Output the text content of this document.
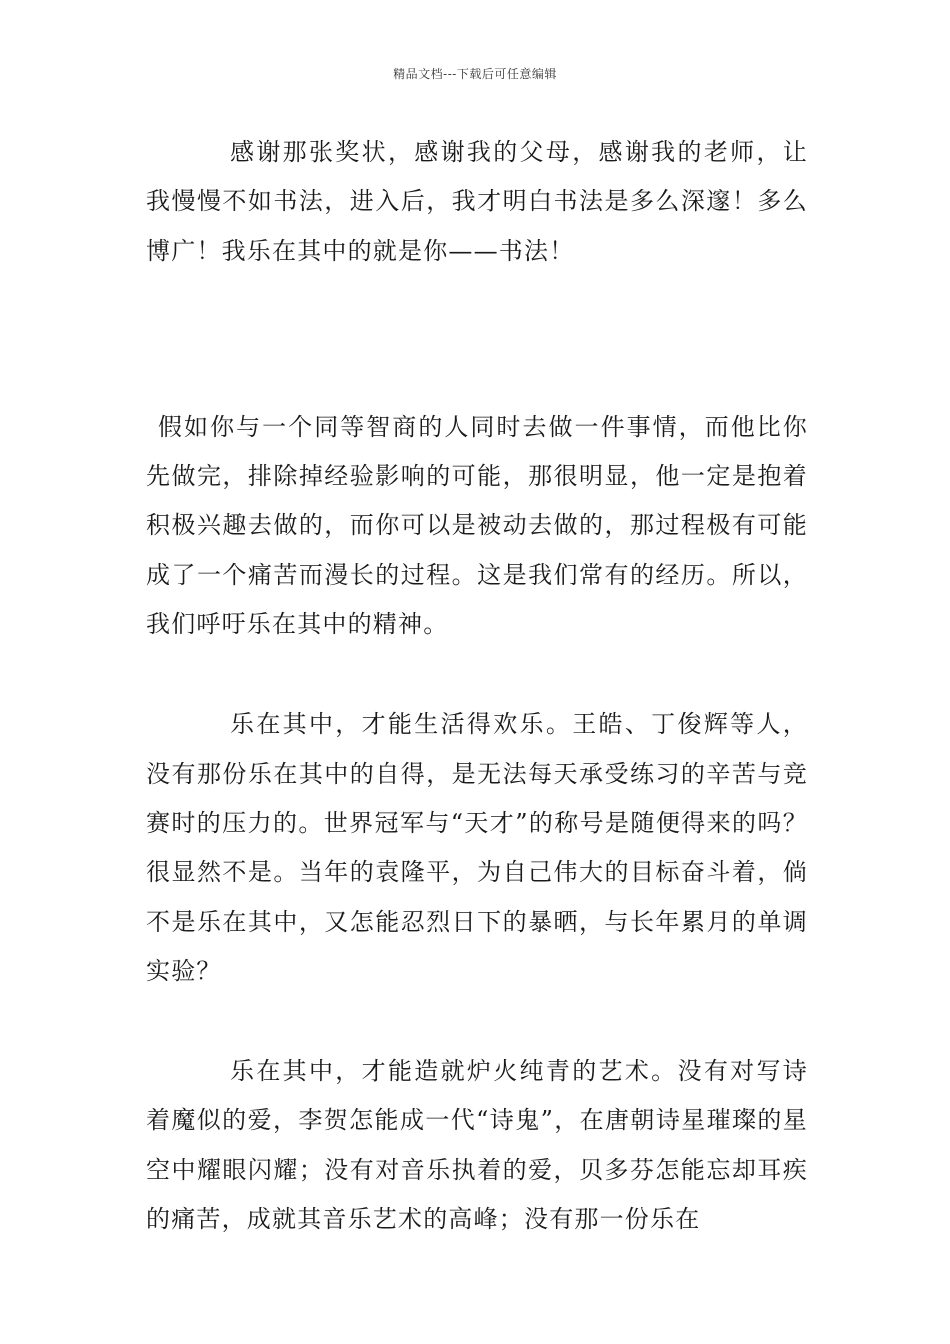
精品文档---下载后可任意编辑

感谢那张奖状，感谢我的父母，感谢我的老师，让我慢慢不如书法，进入后，我才明白书法是多么深邃！多么博广！我乐在其中的就是你——书法！

假如你与一个同等智商的人同时去做一件事情，而他比你先做完，排除掉经验影响的可能，那很明显，他一定是抱着积极兴趣去做的，而你可以是被动去做的，那过程极有可能成了一个痛苦而漫长的过程。这是我们常有的经历。所以，我们呼吁乐在其中的精神。

乐在其中，才能生活得欢乐。王皓、丁俊辉等人，没有那份乐在其中的自得，是无法每天承受练习的辛苦与竞赛时的压力的。世界冠军与“天才”的称号是随便得来的吗？很显然不是。当年的袁隆平，为自己伟大的目标奋斗着，倘不是乐在其中，又怎能忍烈日下的暴晒，与长年累月的单调实验？

乐在其中，才能造就炉火纯青的艺术。没有对写诗着魔似的爱，李贺怎能成一代“诗鬼”，在唐朝诗星璀璨的星空中耀眼闪耀；没有对音乐执着的爱，贝多芬怎能忘却耳疾的痛苦，成就其音乐艺术的高峰；没有那一份乐在
